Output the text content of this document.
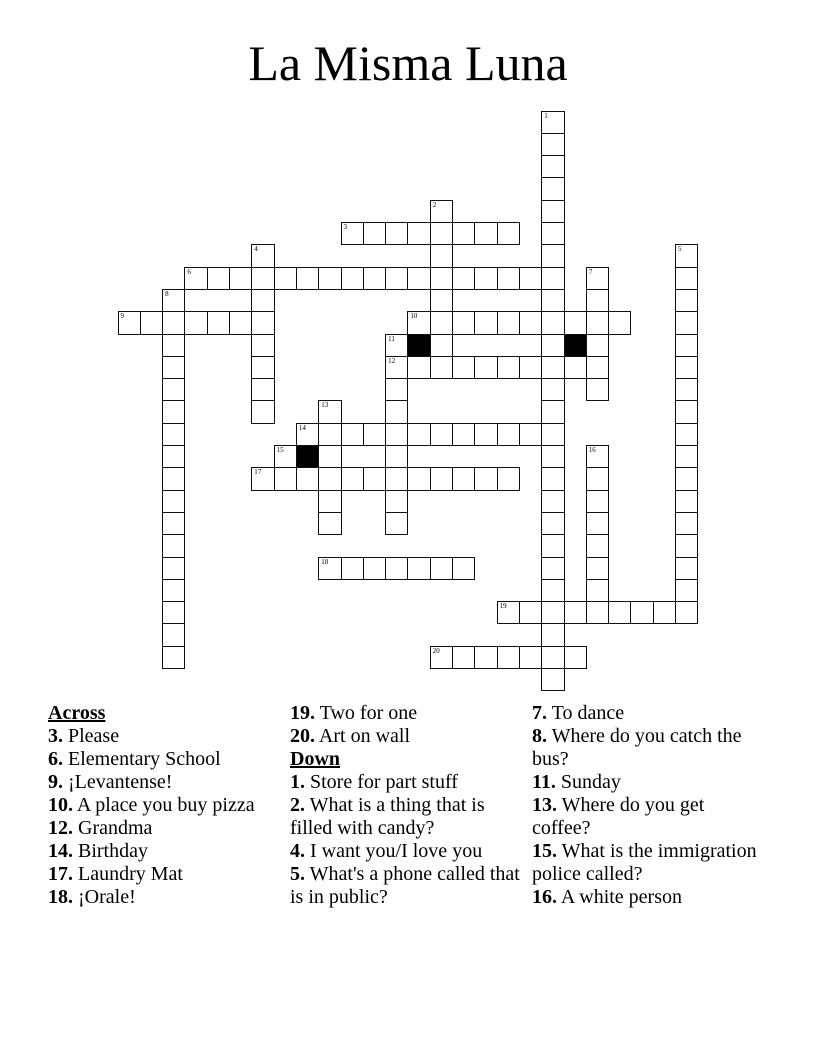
La Misma Luna
1
2
3
4	5
6	7
8
9	10
11
12
13
14
15	16
17
18
19
20

Across

3. Please

6. Elementary School

9. ¡Levantense!

10. A place you buy pizza

12. Grandma

14. Birthday

17. Laundry Mat

18. ¡Orale!

19. Two for one

20. Art on wall

Down

1. Store for part stuff

2. What is a thing that is filled with candy?

4. I want you/I love you

5. What's a phone called that is in public?

7. To dance

8. Where do you catch the bus?

11. Sunday

13. Where do you get coffee?

15. What is the immigration police called?

16. A white person
